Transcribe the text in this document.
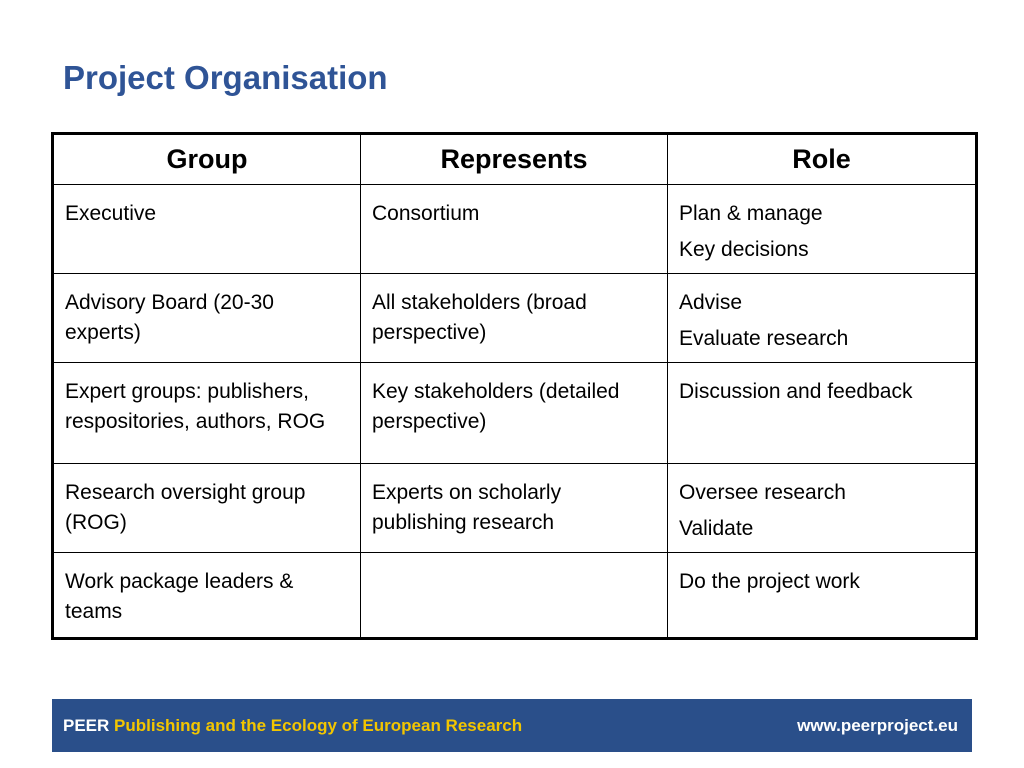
Project Organisation
Group	Represents	Role
Executive	Consortium	Plan & manage
Key decisions

Advisory Board (20-30 experts)	All stakeholders (broad perspective)	Advise
Evaluate research

Expert groups: publishers, respositories, authors, ROG	Key stakeholders (detailed perspective)	Discussion and feedback

Research oversight group (ROG)	Experts on scholarly publishing research	Oversee research
Validate

Work package leaders & teams		Do the project work
PEER Publishing and the Ecology of European Research	www.peerproject.eu
